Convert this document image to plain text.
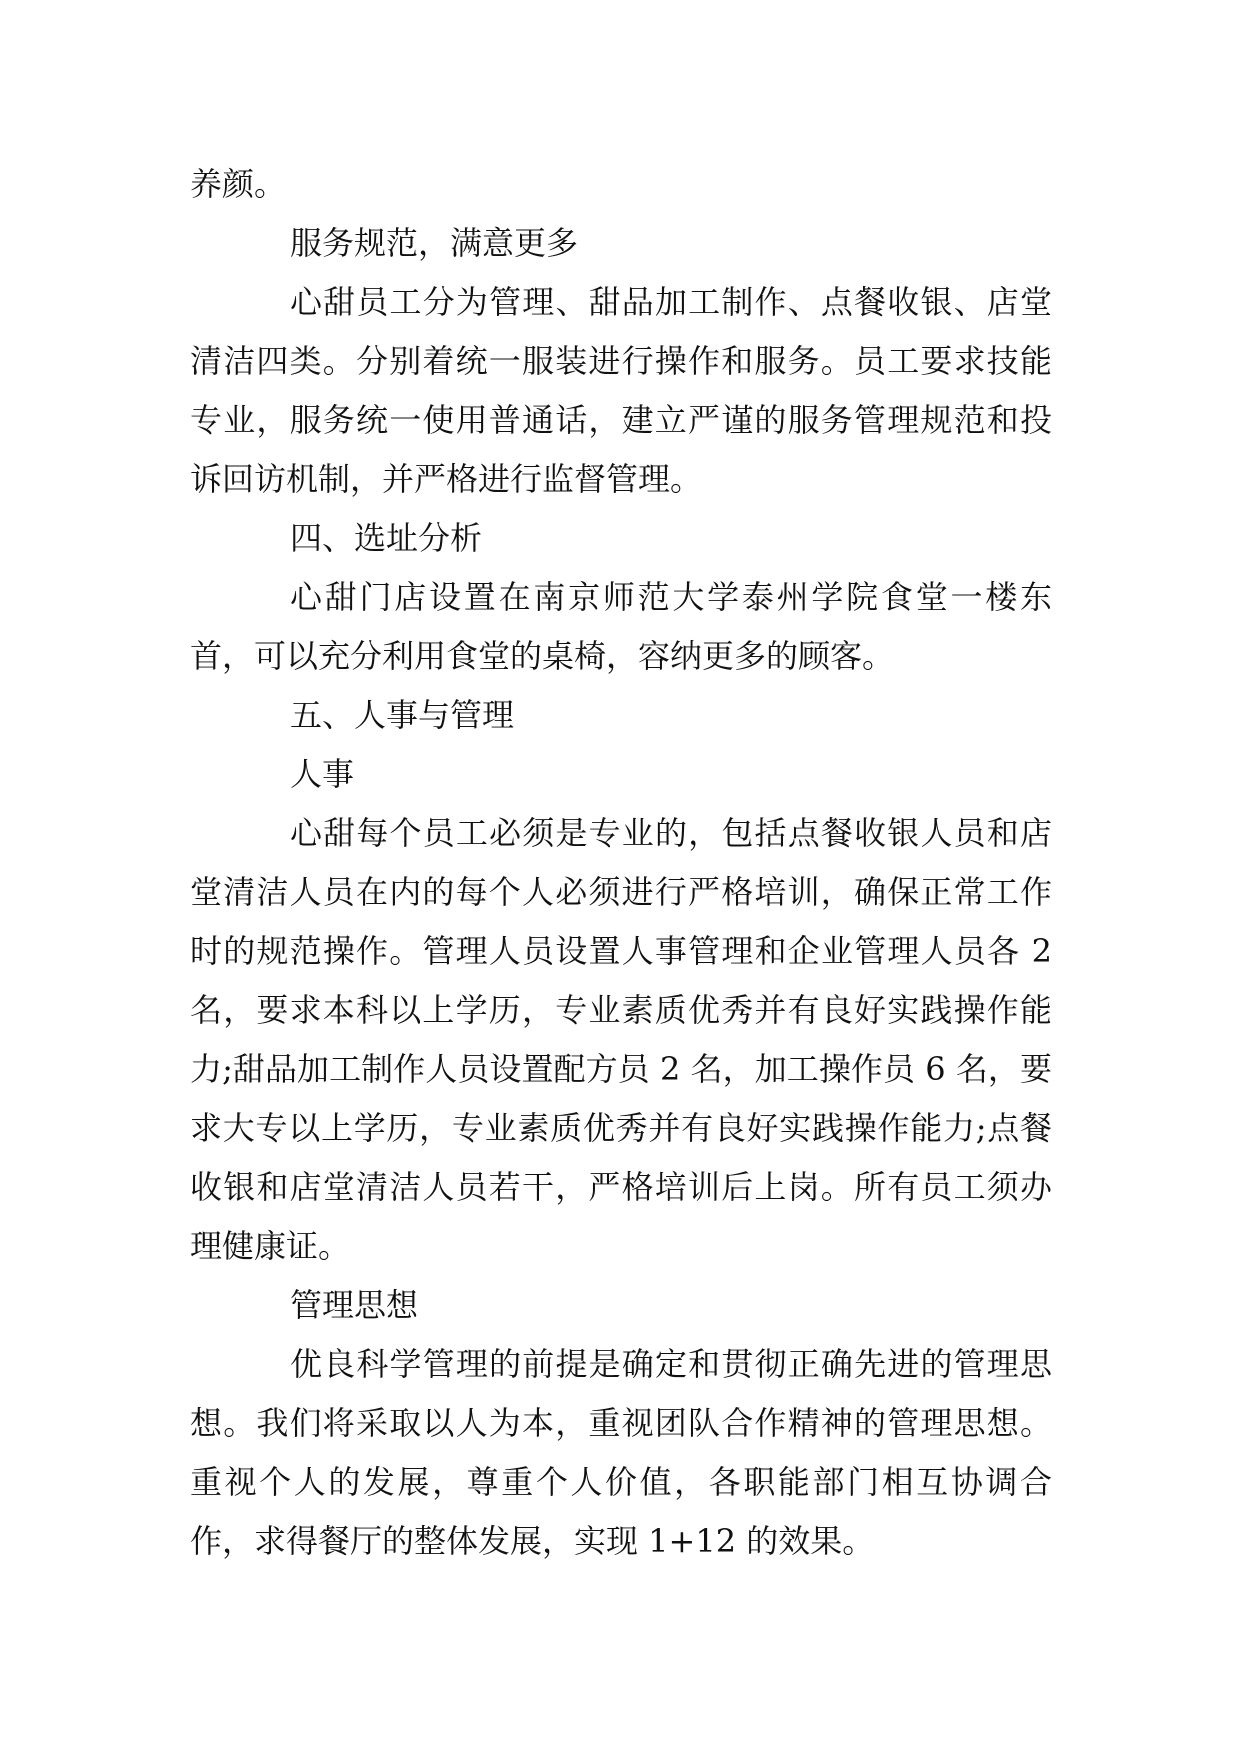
养颜。

服务规范，满意更多

心甜员工分为管理、甜品加工制作、点餐收银、店堂清洁四类。分别着统一服装进行操作和服务。员工要求技能专业，服务统一使用普通话，建立严谨的服务管理规范和投诉回访机制，并严格进行监督管理。

四、选址分析

心甜门店设置在南京师范大学泰州学院食堂一楼东首，可以充分利用食堂的桌椅，容纳更多的顾客。

五、人事与管理

人事

心甜每个员工必须是专业的，包括点餐收银人员和店堂清洁人员在内的每个人必须进行严格培训，确保正常工作时的规范操作。管理人员设置人事管理和企业管理人员各 2 名，要求本科以上学历，专业素质优秀并有良好实践操作能力;甜品加工制作人员设置配方员 2 名，加工操作员 6 名，要求大专以上学历，专业素质优秀并有良好实践操作能力;点餐收银和店堂清洁人员若干，严格培训后上岗。所有员工须办理健康证。

管理思想

优良科学管理的前提是确定和贯彻正确先进的管理思想。我们将采取以人为本，重视团队合作精神的管理思想。重视个人的发展，尊重个人价值，各职能部门相互协调合作，求得餐厅的整体发展，实现 1+12 的效果。
